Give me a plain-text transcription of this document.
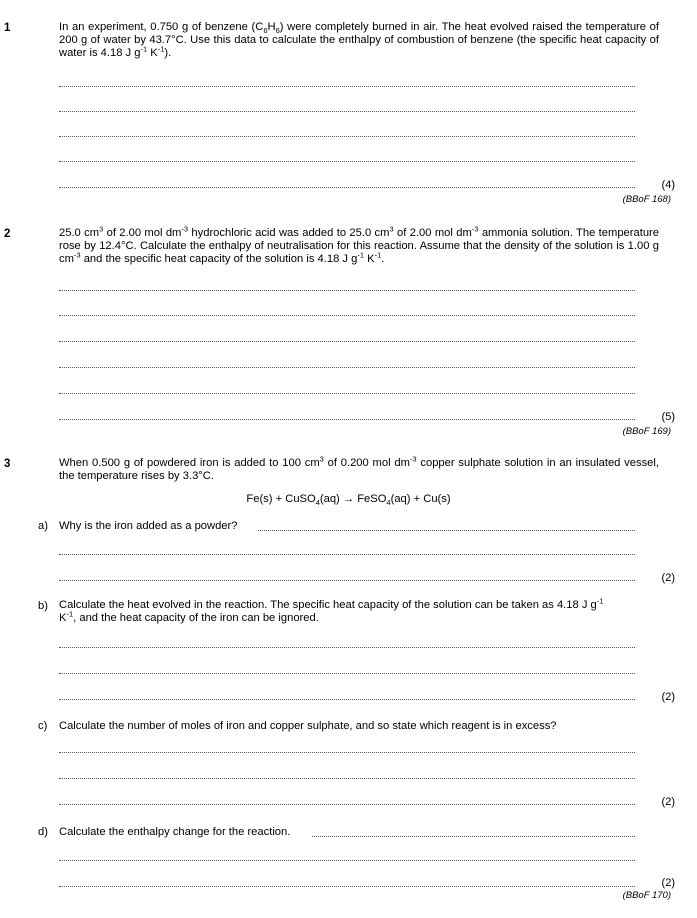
1	In an experiment, 0.750 g of benzene $(C_6H_6)$ were completely burned in air. The heat evolved raised the temperature of 200 g of water by 43.7°C. Use this data to calculate the enthalpy of combustion of benzene (the specific heat capacity of water is 4.18 J $g^{-1}$ $K^{-1}$).
(4)
(BBoF 168)
2	25.0 $cm^3$ of 2.00 mol $dm^{-3}$ hydrochloric acid was added to 25.0 $cm^3$ of 2.00 mol $dm^{-3}$ ammonia solution. The temperature rose by 12.4°C. Calculate the enthalpy of neutralisation for this reaction. Assume that the density of the solution is 1.00 g $cm^{-3}$ and the specific heat capacity of the solution is 4.18 J $g^{-1}$ $K^{-1}$.
(5)
(BBoF 169)
3	When 0.500 g of powdered iron is added to 100 $cm^3$ of 0.200 mol $dm^{-3}$ copper sulphate solution in an insulated vessel, the temperature rises by 3.3°C.
Fe(s) + CuSO$_4$(aq) → FeSO$_4$(aq) + Cu(s)
a) Why is the iron added as a powder?
(2)
b) Calculate the heat evolved in the reaction. The specific heat capacity of the solution can be taken as 4.18 J $g^{-1}$
$K^{-1}$, and the heat capacity of the iron can be ignored.
(2)
c) Calculate the number of moles of iron and copper sulphate, and so state which reagent is in excess?
(2)
d) Calculate the enthalpy change for the reaction.
(2)
(BBoF 170)
